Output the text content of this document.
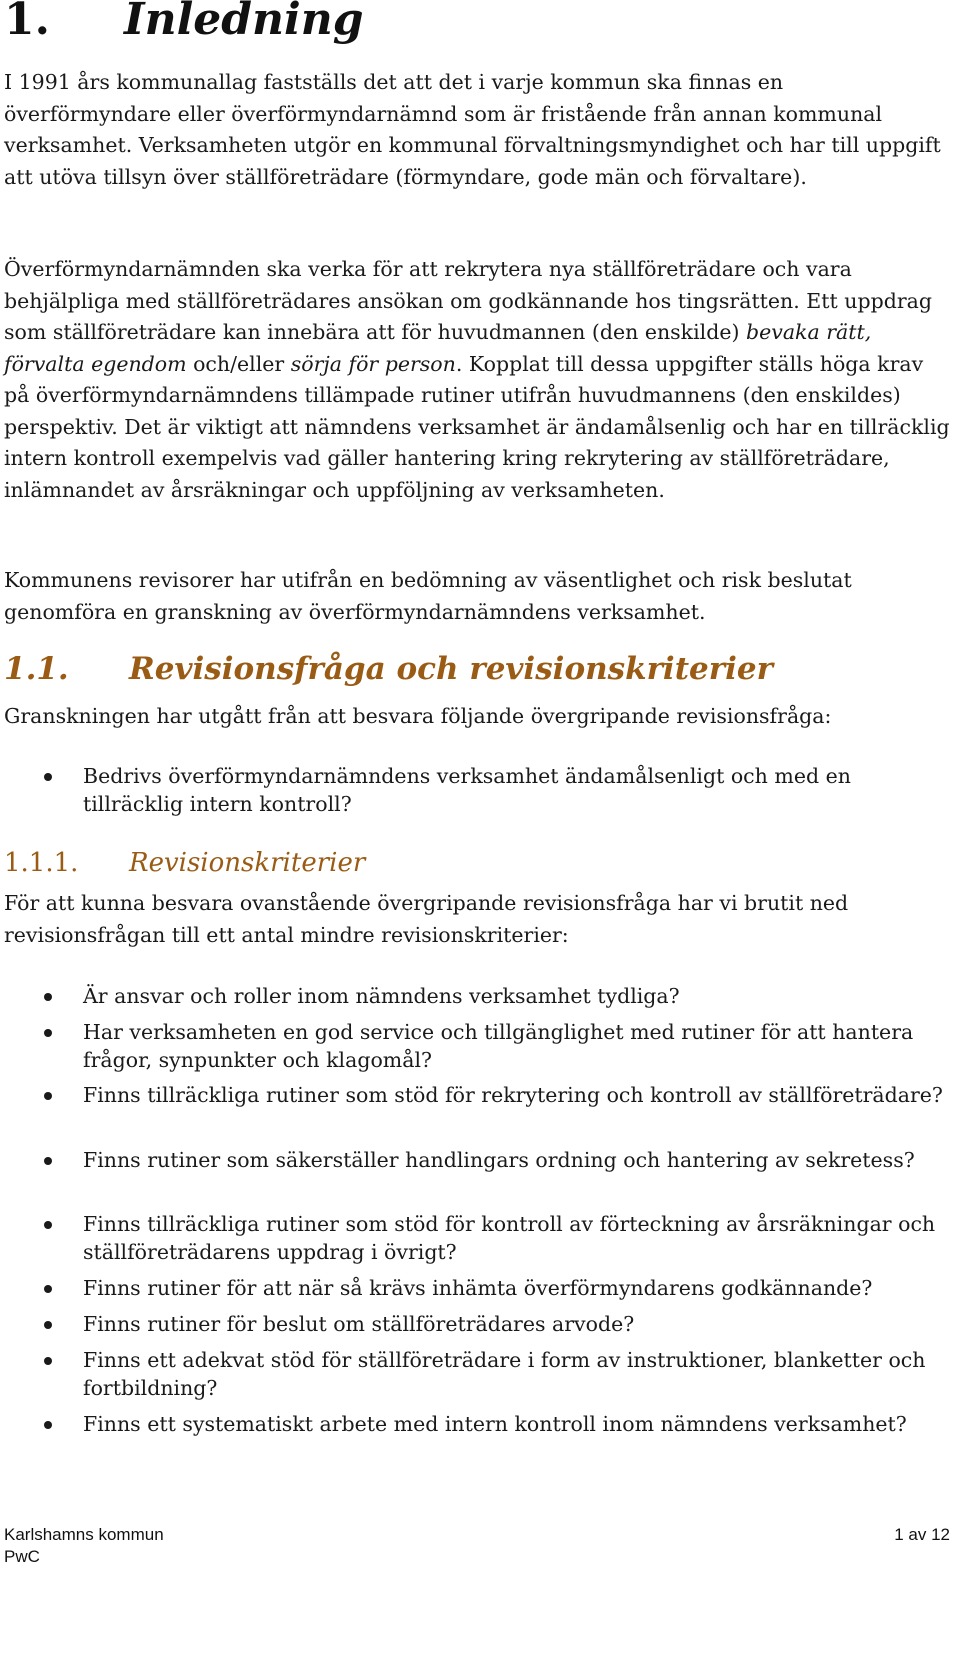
1. Inledning

I 1991 års kommunallag fastställs det att det i varje kommun ska finnas en överförmyndare eller överförmyndarnämnd som är fristående från annan kommunal verksamhet. Verksamheten utgör en kommunal förvaltningsmyndighet och har till uppgift att utöva tillsyn över ställföreträdare (förmyndare, gode män och förvaltare).

Överförmyndarnämnden ska verka för att rekrytera nya ställföreträdare och vara behjälpliga med ställföreträdares ansökan om godkännande hos tingsrätten. Ett uppdrag som ställföreträdare kan innebära att för huvudmannen (den enskilde) bevaka rätt, förvalta egendom och/eller sörja för person. Kopplat till dessa uppgifter ställs höga krav på överförmyndarnämndens tillämpade rutiner utifrån huvudmannens (den enskildes) perspektiv. Det är viktigt att nämndens verksamhet är ändamålsenlig och har en tillräcklig intern kontroll exempelvis vad gäller hantering kring rekrytering av ställföreträdare, inlämnandet av årsräkningar och uppföljning av verksamheten.

Kommunens revisorer har utifrån en bedömning av väsentlighet och risk beslutat genomföra en granskning av överförmyndarnämndens verksamhet.

1.1. Revisionsfråga och revisionskriterier

Granskningen har utgått från att besvara följande övergripande revisionsfråga:

Bedrivs överförmyndarnämndens verksamhet ändamålsenligt och med en tillräcklig intern kontroll?
1.1.1. Revisionskriterier

För att kunna besvara ovanstående övergripande revisionsfråga har vi brutit ned revisionsfrågan till ett antal mindre revisionskriterier:

Är ansvar och roller inom nämndens verksamhet tydliga?
Har verksamheten en god service och tillgänglighet med rutiner för att hantera frågor, synpunkter och klagomål?
Finns tillräckliga rutiner som stöd för rekrytering och kontroll av ställföreträdare?
Finns rutiner som säkerställer handlingars ordning och hantering av sekretess?
Finns tillräckliga rutiner som stöd för kontroll av förteckning av årsräkningar och ställföreträdarens uppdrag i övrigt?
Finns rutiner för att när så krävs inhämta överförmyndarens godkännande?
Finns rutiner för beslut om ställföreträdares arvode?
Finns ett adekvat stöd för ställföreträdare i form av instruktioner, blanketter och fortbildning?
Finns ett systematiskt arbete med intern kontroll inom nämndens verksamhet?
Karlshamns kommun	1 av 12
PwC
